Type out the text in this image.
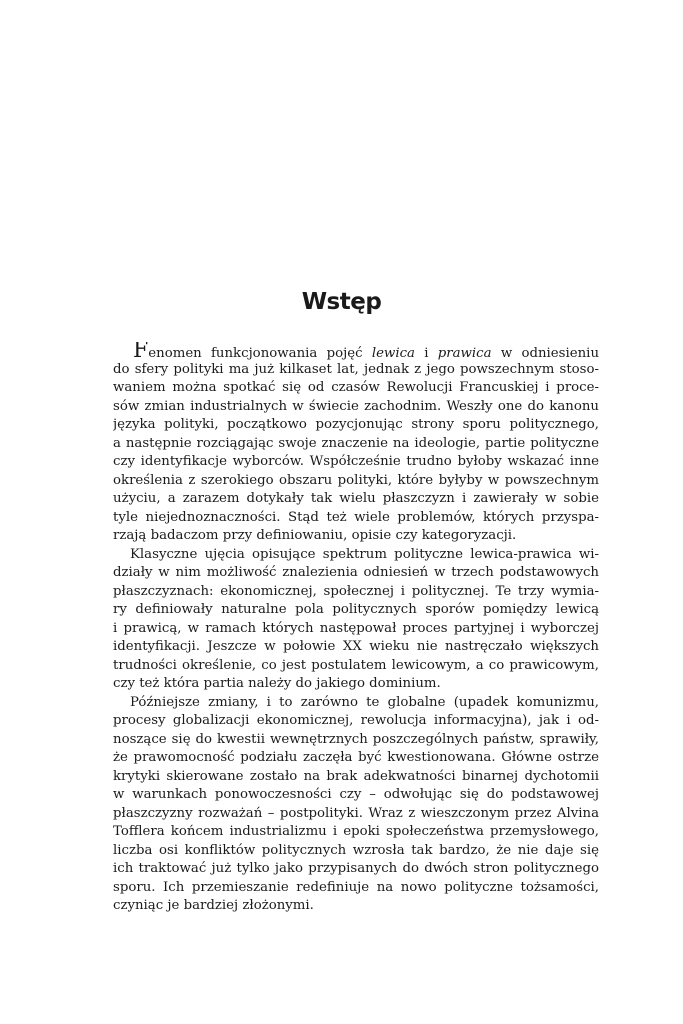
Wstęp
Fenomen funkcjonowania pojęć lewica i prawica w odniesieniu
do sfery polityki ma już kilkaset lat, jednak z jego powszechnym stoso-
waniem można spotkać się od czasów Rewolucji Francuskiej i proce-
sów zmian industrialnych w świecie zachodnim. Weszły one do kanonu
języka polityki, początkowo pozycjonując strony sporu politycznego,
a następnie rozciągając swoje znaczenie na ideologie, partie polityczne
czy identyfikacje wyborców. Współcześnie trudno byłoby wskazać inne
określenia z szerokiego obszaru polityki, które byłyby w powszechnym
użyciu, a zarazem dotykały tak wielu płaszczyzn i zawierały w sobie
tyle niejednoznaczności. Stąd też wiele problemów, których przyspa-
rzają badaczom przy definiowaniu, opisie czy kategoryzacji.
Klasyczne ujęcia opisujące spektrum polityczne lewica-prawica wi-
działy w nim możliwość znalezienia odniesień w trzech podstawowych
płaszczyznach: ekonomicznej, społecznej i politycznej. Te trzy wymia-
ry definiowały naturalne pola politycznych sporów pomiędzy lewicą
i prawicą, w ramach których następował proces partyjnej i wyborczej
identyfikacji. Jeszcze w połowie XX wieku nie nastręczało większych
trudności określenie, co jest postulatem lewicowym, a co prawicowym,
czy też która partia należy do jakiego dominium.
Późniejsze zmiany, i to zarówno te globalne (upadek komunizmu,
procesy globalizacji ekonomicznej, rewolucja informacyjna), jak i od-
noszące się do kwestii wewnętrznych poszczególnych państw, sprawiły,
że prawomocność podziału zaczęła być kwestionowana. Główne ostrze
krytyki skierowane zostało na brak adekwatności binarnej dychotomii
w warunkach ponowoczesności czy – odwołując się do podstawowej
płaszczyzny rozważań – postpolityki. Wraz z wieszczonym przez Alvina
Tofflera końcem industrializmu i epoki społeczeństwa przemysłowego,
liczba osi konfliktów politycznych wzrosła tak bardzo, że nie daje się
ich traktować już tylko jako przypisanych do dwóch stron politycznego
sporu. Ich przemieszanie redefiniuje na nowo polityczne tożsamości,
czyniąc je bardziej złożonymi.
